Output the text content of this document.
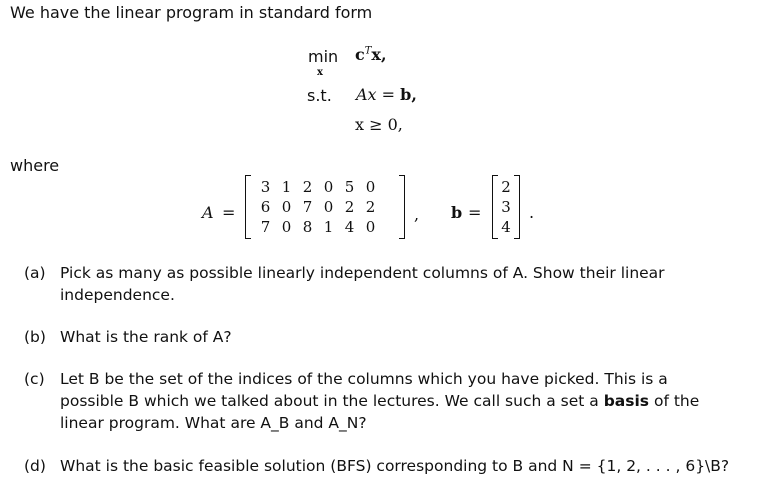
We have the linear program in standard form
min
x
$c^Tx$,
s.t. Ax = b,
x ≥ 0,
where
A =
3 1 2 0 5 0
6 0 7 0 2 2
7 0 8 1 4 0
, b =
2
3
4
.
(a) Pick as many as possible linearly independent columns of A. Show their linear
independence.
(b) What is the rank of A?
(c) Let B be the set of the indices of the columns which you have picked. This is a
possible B which we talked about in the lectures. We call such a set a basis of the
linear program. What are A_B and A_N?
(d) What is the basic feasible solution (BFS) corresponding to B and N = {1, 2, . . . , 6}\B?
